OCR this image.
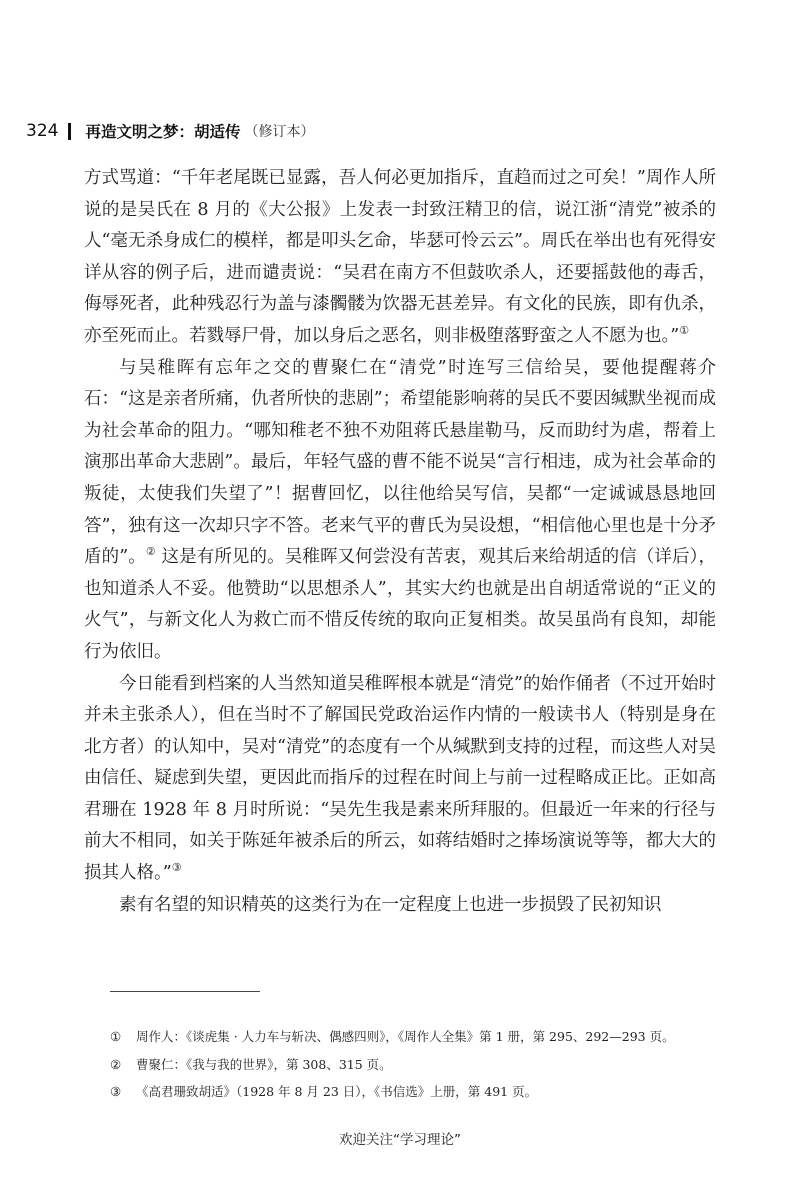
324 再造文明之梦：胡适传 （修订本）

方式骂道：“千年老尾既已显露，吾人何必更加指斥，直趋而过之可矣！”周作人所说的是吴氏在 8 月的《大公报》上发表一封致汪精卫的信，说江浙“清党”被杀的人“毫无杀身成仁的模样，都是叩头乞命，毕瑟可怜云云”。周氏在举出也有死得安详从容的例子后，进而谴责说：“吴君在南方不但鼓吹杀人，还要摇鼓他的毒舌，侮辱死者，此种残忍行为盖与漆髑髅为饮器无甚差异。有文化的民族，即有仇杀，亦至死而止。若戮辱尸骨，加以身后之恶名，则非极堕落野蛮之人不愿为也。”①

与吴稚晖有忘年之交的曹聚仁在“清党”时连写三信给吴，要他提醒蒋介石：“这是亲者所痛，仇者所快的悲剧”；希望能影响蒋的吴氏不要因缄默坐视而成为社会革命的阻力。“哪知稚老不独不劝阻蒋氏悬崖勒马，反而助纣为虐，帮着上演那出革命大悲剧”。最后，年轻气盛的曹不能不说吴“言行相违，成为社会革命的叛徒，太使我们失望了”！据曹回忆，以往他给吴写信，吴都“一定诚诚恳恳地回答”，独有这一次却只字不答。老来气平的曹氏为吴设想，“相信他心里也是十分矛盾的”。② 这是有所见的。吴稚晖又何尝没有苦衷，观其后来给胡适的信（详后），也知道杀人不妥。他赞助“以思想杀人”，其实大约也就是出自胡适常说的“正义的火气”，与新文化人为救亡而不惜反传统的取向正复相类。故吴虽尚有良知，却能行为依旧。

今日能看到档案的人当然知道吴稚晖根本就是“清党”的始作俑者（不过开始时并未主张杀人），但在当时不了解国民党政治运作内情的一般读书人（特别是身在北方者）的认知中，吴对“清党”的态度有一个从缄默到支持的过程，而这些人对吴由信任、疑虑到失望，更因此而指斥的过程在时间上与前一过程略成正比。正如高君珊在 1928 年 8 月时所说：“吴先生我是素来所拜服的。但最近一年来的行径与前大不相同，如关于陈延年被杀后的所云，如蒋结婚时之捧场演说等等，都大大的损其人格。”③

素有名望的知识精英的这类行为在一定程度上也进一步损毁了民初知识

①	周作人：《谈虎集 · 人力车与斩决、偶感四则》，《周作人全集》第 1 册，第 295、292—293 页。
②	曹聚仁：《我与我的世界》，第 308、315 页。
③	《高君珊致胡适》（1928 年 8 月 23 日），《书信选》上册，第 491 页。
欢迎关注“学习理论”
